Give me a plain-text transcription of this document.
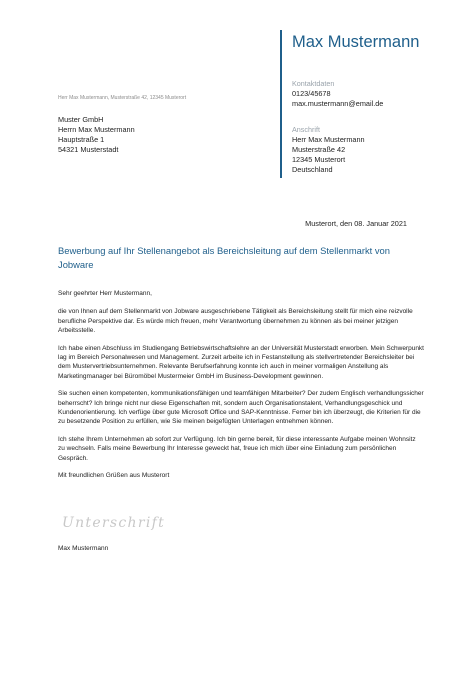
Max Mustermann
Kontaktdaten
0123/45678
max.mustermann@email.de
Anschrift
Herr Max Mustermann
Musterstraße 42
12345 Musterort
Deutschland
Herr Max Mustermann, Musterstraße 42, 12345 Musterort
Muster GmbH
Herrn Max Mustermann
Hauptstraße 1
54321 Musterstadt
Musterort, den 08. Januar 2021
Bewerbung auf Ihr Stellenangebot als Bereichsleitung auf dem Stellenmarkt von Jobware

Sehr geehrter Herr Mustermann,

die von Ihnen auf dem Stellenmarkt von Jobware ausgeschriebene Tätigkeit als Bereichsleitung stellt für mich eine reizvolle berufliche Perspektive dar. Es würde mich freuen, mehr Verantwortung übernehmen zu können als bei meiner jetzigen Arbeitsstelle.

Ich habe einen Abschluss im Studiengang Betriebswirtschaftslehre an der Universität Musterstadt erworben. Mein Schwerpunkt lag im Bereich Personalwesen und Management. Zurzeit arbeite ich in Festanstellung als stellvertretender Bereichsleiter bei dem Mustervertriebsunternehmen. Relevante Berufserfahrung konnte ich auch in meiner vormaligen Anstellung als Marketingmanager bei Büromöbel Mustermeier GmbH im Business-Development gewinnen.

Sie suchen einen kompetenten, kommunikationsfähigen und teamfähigen Mitarbeiter? Der zudem Englisch verhandlungssicher beherrscht? Ich bringe nicht nur diese Eigenschaften mit, sondern auch Organisationstalent, Verhandlungsgeschick und Kundenorientierung. Ich verfüge über gute Microsoft Office und SAP-Kenntnisse. Ferner bin ich überzeugt, die Kriterien für die zu besetzende Position zu erfüllen, wie Sie meinen beigefügten Unterlagen entnehmen können.

Ich stehe Ihrem Unternehmen ab sofort zur Verfügung. Ich bin gerne bereit, für diese interessante Aufgabe meinen Wohnsitz zu wechseln. Falls meine Bewerbung Ihr Interesse geweckt hat, freue ich mich über eine Einladung zum persönlichen Gespräch.

Mit freundlichen Grüßen aus Musterort

Unterschrift
Max Mustermann
